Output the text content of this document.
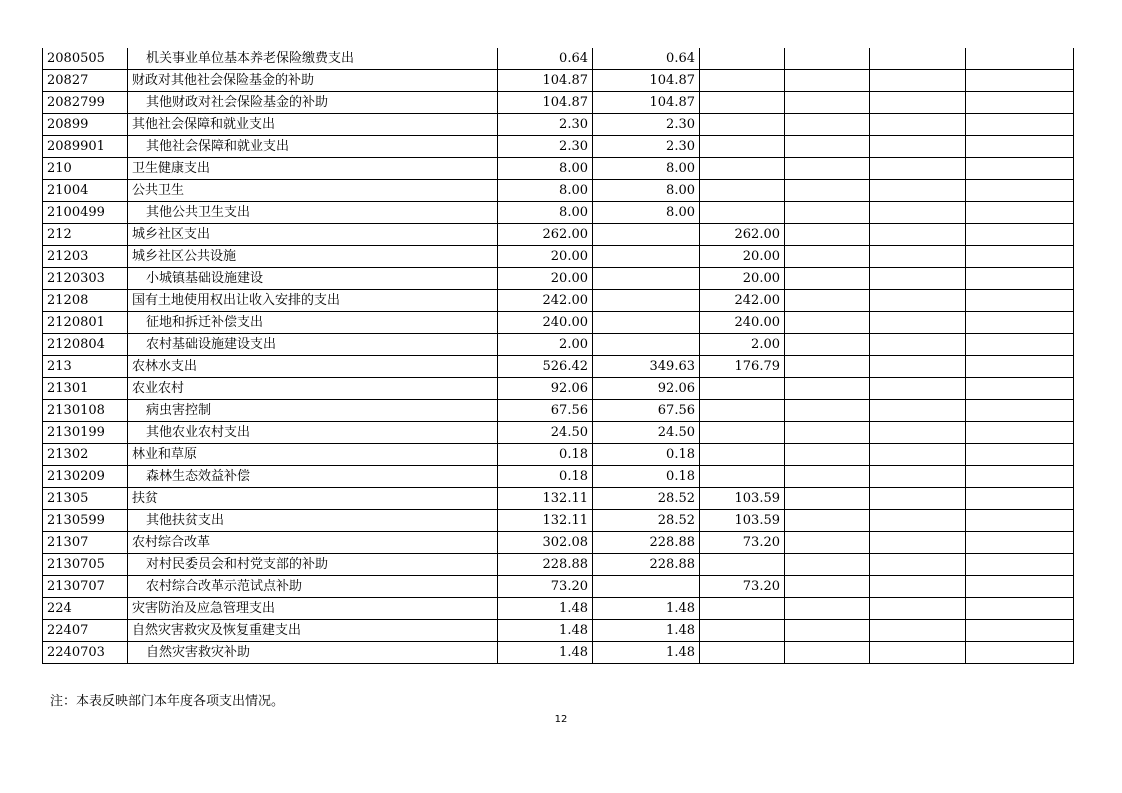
2080505	机关事业单位基本养老保险缴费支出	0.64	0.64				
20827	财政对其他社会保险基金的补助	104.87	104.87				
2082799	其他财政对社会保险基金的补助	104.87	104.87				
20899	其他社会保障和就业支出	2.30	2.30				
2089901	其他社会保障和就业支出	2.30	2.30				
210	卫生健康支出	8.00	8.00				
21004	公共卫生	8.00	8.00				
2100499	其他公共卫生支出	8.00	8.00				
212	城乡社区支出	262.00		262.00			
21203	城乡社区公共设施	20.00		20.00			
2120303	小城镇基础设施建设	20.00		20.00			
21208	国有土地使用权出让收入安排的支出	242.00		242.00			
2120801	征地和拆迁补偿支出	240.00		240.00			
2120804	农村基础设施建设支出	2.00		2.00			
213	农林水支出	526.42	349.63	176.79			
21301	农业农村	92.06	92.06				
2130108	病虫害控制	67.56	67.56				
2130199	其他农业农村支出	24.50	24.50				
21302	林业和草原	0.18	0.18				
2130209	森林生态效益补偿	0.18	0.18				
21305	扶贫	132.11	28.52	103.59			
2130599	其他扶贫支出	132.11	28.52	103.59			
21307	农村综合改革	302.08	228.88	73.20			
2130705	对村民委员会和村党支部的补助	228.88	228.88				
2130707	农村综合改革示范试点补助	73.20		73.20			
224	灾害防治及应急管理支出	1.48	1.48				
22407	自然灾害救灾及恢复重建支出	1.48	1.48				
2240703	自然灾害救灾补助	1.48	1.48				
注：本表反映部门本年度各项支出情况。
12
